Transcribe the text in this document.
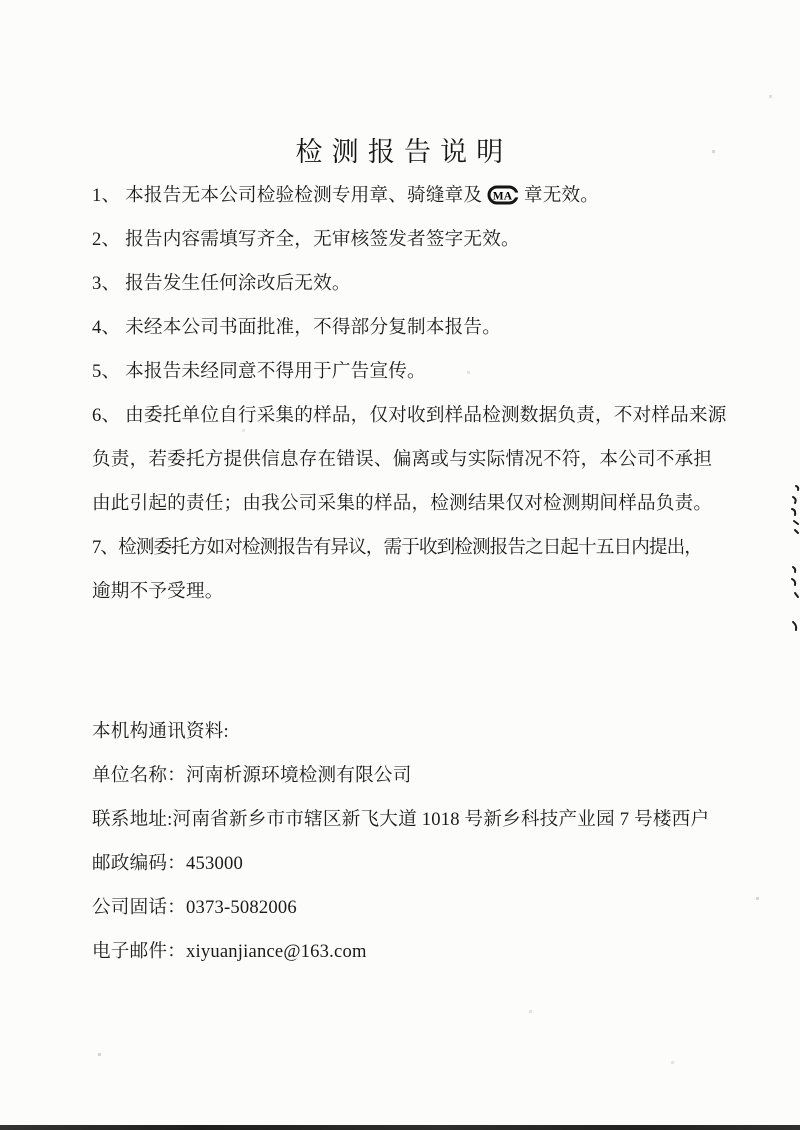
检 测 报 告 说 明
1、 本报告无本公司检验检测专用章、骑缝章及 MA 章无效。
2、 报告内容需填写齐全，无审核签发者签字无效。
3、 报告发生任何涂改后无效。
4、 未经本公司书面批准，不得部分复制本报告。
5、 本报告未经同意不得用于广告宣传。
6、 由委托单位自行采集的样品，仅对收到样品检测数据负责，不对样品来源
负责，若委托方提供信息存在错误、偏离或与实际情况不符，本公司不承担
由此引起的责任；由我公司采集的样品，检测结果仅对检测期间样品负责。
7、检测委托方如对检测报告有异议，需于收到检测报告之日起十五日内提出，
逾期不予受理。
本机构通讯资料:
单位名称：河南析源环境检测有限公司
联系地址:河南省新乡市市辖区新飞大道 1018 号新乡科技产业园 7 号楼西户
邮政编码：453000
公司固话：0373-5082006
电子邮件：xiyuanjiance@163.com
